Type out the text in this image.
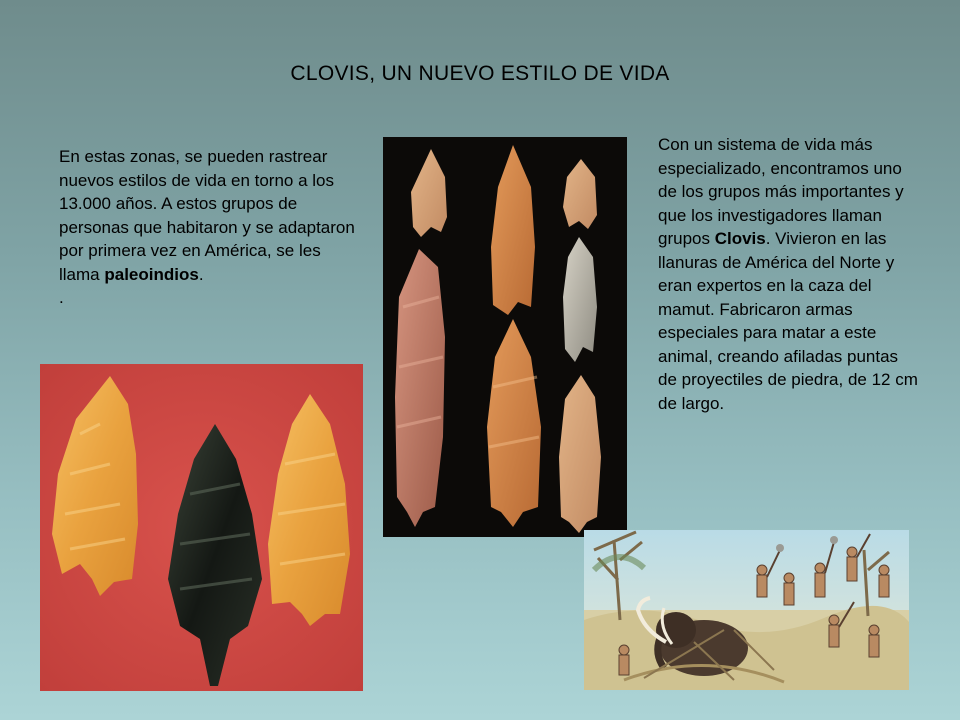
CLOVIS, UN NUEVO ESTILO DE VIDA
En estas zonas, se pueden rastrear nuevos estilos de vida en torno a los 13.000 años. A estos grupos de personas que habitaron y se adaptaron por primera vez en América, se les llama paleoindios.
.
Con un sistema de vida más especializado, encontramos uno de los grupos más importantes y que los investigadores llaman grupos Clovis. Vivieron en las llanuras de América del Norte y eran expertos en la caza del mamut. Fabricaron armas especiales para matar a este animal, creando afiladas puntas de proyectiles de piedra, de 12 cm de largo.
